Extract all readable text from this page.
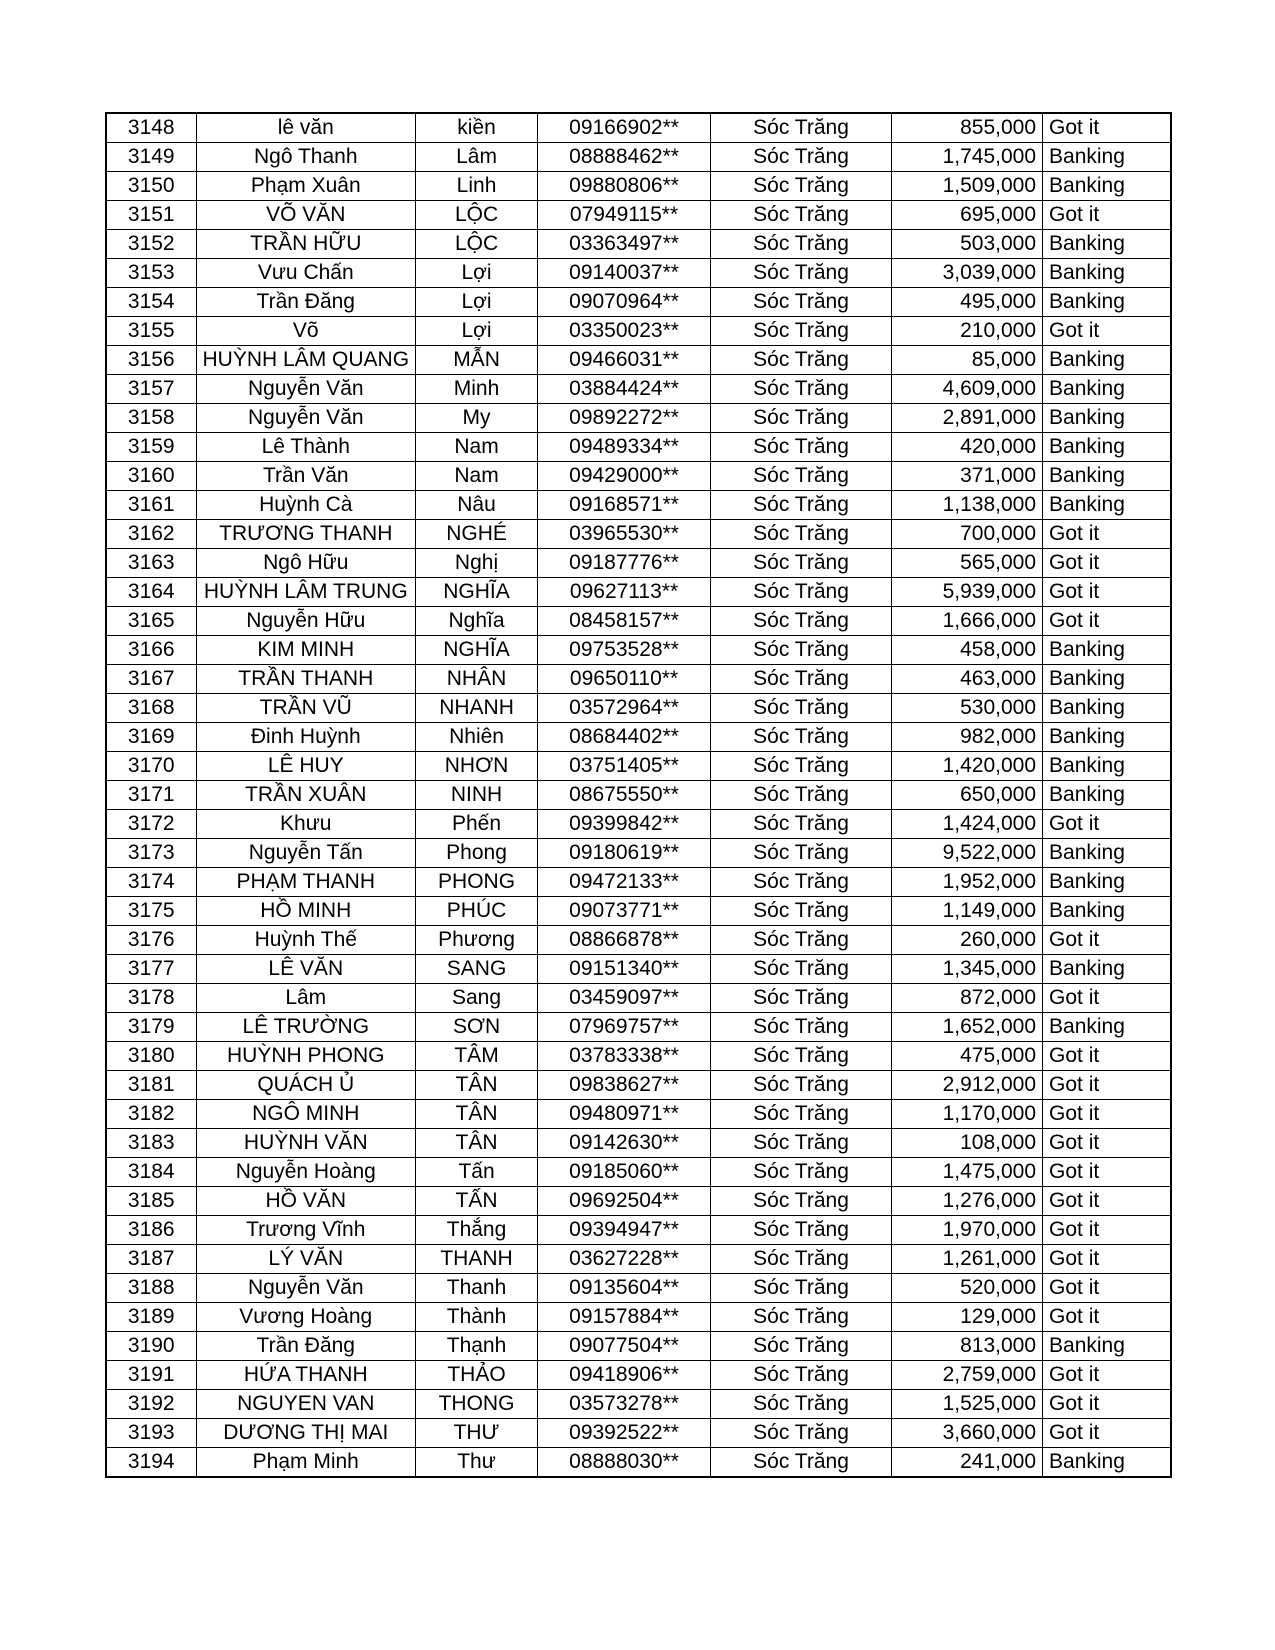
3148	lê văn	kiền	09166902**	Sóc Trăng	855,000	Got it
3149	Ngô Thanh	Lâm	08888462**	Sóc Trăng	1,745,000	Banking
3150	Phạm Xuân	Linh	09880806**	Sóc Trăng	1,509,000	Banking
3151	VÕ VĂN	LỘC	07949115**	Sóc Trăng	695,000	Got it
3152	TRẦN HỮU	LỘC	03363497**	Sóc Trăng	503,000	Banking
3153	Vưu Chấn	Lợi	09140037**	Sóc Trăng	3,039,000	Banking
3154	Trần Đăng	Lợi	09070964**	Sóc Trăng	495,000	Banking
3155	Võ	Lợi	03350023**	Sóc Trăng	210,000	Got it
3156	HUỲNH LÂM QUANG	MẪN	09466031**	Sóc Trăng	85,000	Banking
3157	Nguyễn Văn	Minh	03884424**	Sóc Trăng	4,609,000	Banking
3158	Nguyễn Văn	My	09892272**	Sóc Trăng	2,891,000	Banking
3159	Lê Thành	Nam	09489334**	Sóc Trăng	420,000	Banking
3160	Trần Văn	Nam	09429000**	Sóc Trăng	371,000	Banking
3161	Huỳnh Cà	Nâu	09168571**	Sóc Trăng	1,138,000	Banking
3162	TRƯƠNG THANH	NGHÉ	03965530**	Sóc Trăng	700,000	Got it
3163	Ngô Hữu	Nghị	09187776**	Sóc Trăng	565,000	Got it
3164	HUỲNH LÂM TRUNG	NGHĨA	09627113**	Sóc Trăng	5,939,000	Got it
3165	Nguyễn Hữu	Nghĩa	08458157**	Sóc Trăng	1,666,000	Got it
3166	KIM MINH	NGHĨA	09753528**	Sóc Trăng	458,000	Banking
3167	TRẦN THANH	NHÂN	09650110**	Sóc Trăng	463,000	Banking
3168	TRẦN VŨ	NHANH	03572964**	Sóc Trăng	530,000	Banking
3169	Đinh Huỳnh	Nhiên	08684402**	Sóc Trăng	982,000	Banking
3170	LÊ HUY	NHƠN	03751405**	Sóc Trăng	1,420,000	Banking
3171	TRẦN XUÂN	NINH	08675550**	Sóc Trăng	650,000	Banking
3172	Khưu	Phến	09399842**	Sóc Trăng	1,424,000	Got it
3173	Nguyễn Tấn	Phong	09180619**	Sóc Trăng	9,522,000	Banking
3174	PHẠM THANH	PHONG	09472133**	Sóc Trăng	1,952,000	Banking
3175	HỒ MINH	PHÚC	09073771**	Sóc Trăng	1,149,000	Banking
3176	Huỳnh Thế	Phương	08866878**	Sóc Trăng	260,000	Got it
3177	LÊ VĂN	SANG	09151340**	Sóc Trăng	1,345,000	Banking
3178	Lâm	Sang	03459097**	Sóc Trăng	872,000	Got it
3179	LÊ TRƯỜNG	SƠN	07969757**	Sóc Trăng	1,652,000	Banking
3180	HUỲNH PHONG	TÂM	03783338**	Sóc Trăng	475,000	Got it
3181	QUÁCH Ủ	TÂN	09838627**	Sóc Trăng	2,912,000	Got it
3182	NGÔ MINH	TÂN	09480971**	Sóc Trăng	1,170,000	Got it
3183	HUỲNH VĂN	TÂN	09142630**	Sóc Trăng	108,000	Got it
3184	Nguyễn Hoàng	Tấn	09185060**	Sóc Trăng	1,475,000	Got it
3185	HỒ VĂN	TẤN	09692504**	Sóc Trăng	1,276,000	Got it
3186	Trương Vĩnh	Thắng	09394947**	Sóc Trăng	1,970,000	Got it
3187	LÝ VĂN	THANH	03627228**	Sóc Trăng	1,261,000	Got it
3188	Nguyễn Văn	Thanh	09135604**	Sóc Trăng	520,000	Got it
3189	Vương Hoàng	Thành	09157884**	Sóc Trăng	129,000	Got it
3190	Trần Đăng	Thạnh	09077504**	Sóc Trăng	813,000	Banking
3191	HỨA THANH	THẢO	09418906**	Sóc Trăng	2,759,000	Got it
3192	NGUYEN VAN	THONG	03573278**	Sóc Trăng	1,525,000	Got it
3193	DƯƠNG THỊ MAI	THƯ	09392522**	Sóc Trăng	3,660,000	Got it
3194	Phạm Minh	Thư	08888030**	Sóc Trăng	241,000	Banking
